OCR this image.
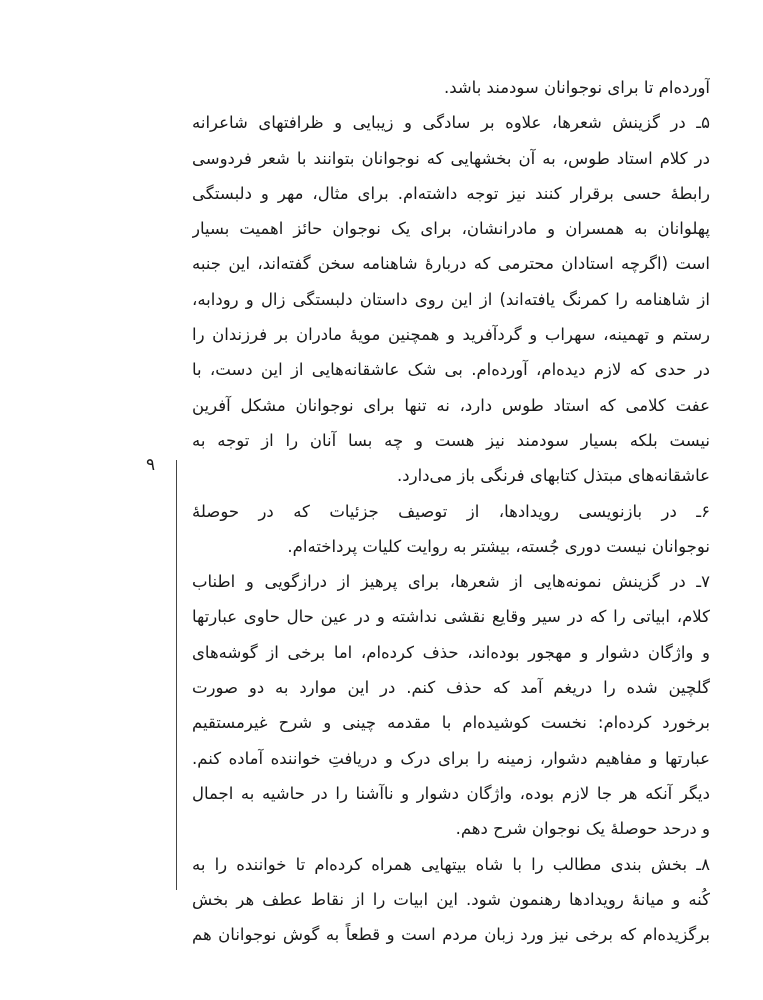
۹
آورده‌ام تا برای نوجوانان سودمند باشد.
۵ـ در گزینش شعرها، علاوه بر سادگی و زیبایی و ظرافتهای شاعرانه
در کلام استاد طوس، به آن بخشهایی که نوجوانان بتوانند با شعر فردوسی
رابطهٔ حسی برقرار کنند نیز توجه داشته‌ام. برای مثال، مهر و دلبستگی
پهلوانان به همسران و مادرانشان، برای یک نوجوان حائز اهمیت بسیار
است (اگرچه استادان محترمی که دربارهٔ شاهنامه سخن گفته‌اند، این جنبه
از شاهنامه را کمرنگ یافته‌اند) از این روی داستان دلبستگی زال و رودابه،
رستم و تهمینه، سهراب و گردآفرید و همچنین مویهٔ مادران بر فرزندان را
در حدی که لازم دیده‌ام، آورده‌ام. بی شک عاشقانه‌هایی از این دست، با
عفت کلامی که استاد طوس دارد، نه تنها برای نوجوانان مشکل آفرین
نیست بلکه بسیار سودمند نیز هست و چه بسا آنان را از توجه به
عاشقانه‌های مبتذل کتابهای فرنگی باز می‌دارد.
۶ـ در بازنویسی رویدادها، از توصیف جزئیات که در حوصلهٔ
نوجوانان نیست دوری جُسته، بیشتر به روایت کلیات پرداخته‌ام.
۷ـ در گزینش نمونه‌هایی از شعرها، برای پرهیز از درازگویی و اطناب
کلام، ابیاتی را که در سیر وقایع نقشی نداشته و در عین حال حاوی عبارتها
و واژگان دشوار و مهجور بوده‌اند، حذف کرده‌ام، اما برخی از گوشه‌های
گلچین شده را دریغم آمد که حذف کنم. در این موارد به دو صورت
برخورد کرده‌ام: نخست کوشیده‌ام با مقدمه چینی و شرح غیرمستقیم
عبارتها و مفاهیم دشوار، زمینه را برای درک و دریافتِ خواننده آماده کنم.
دیگر آنکه هر جا لازم بوده، واژگان دشوار و ناآشنا را در حاشیه به اجمال
و درحد حوصلهٔ یک نوجوان شرح دهم.
۸ـ بخش بندی مطالب را با شاه بیتهایی همراه کرده‌ام تا خواننده را به
کُنه و میانهٔ رویدادها رهنمون شود. این ابیات را از نقاط عطف هر بخش
برگزیده‌ام که برخی نیز ورد زبان مردم است و قطعاً به گوش نوجوانان هم
